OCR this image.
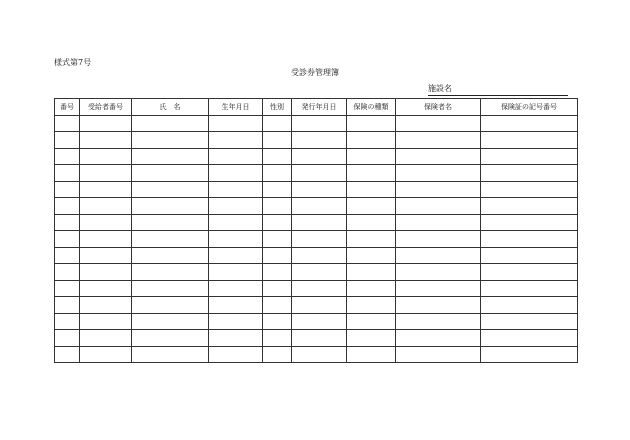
様式第7号
受診券管理簿
施設名
番号	受給者番号	氏　名	生年月日	性別	発行年月日	保険の種類	保険者名	保険証の記号番号
